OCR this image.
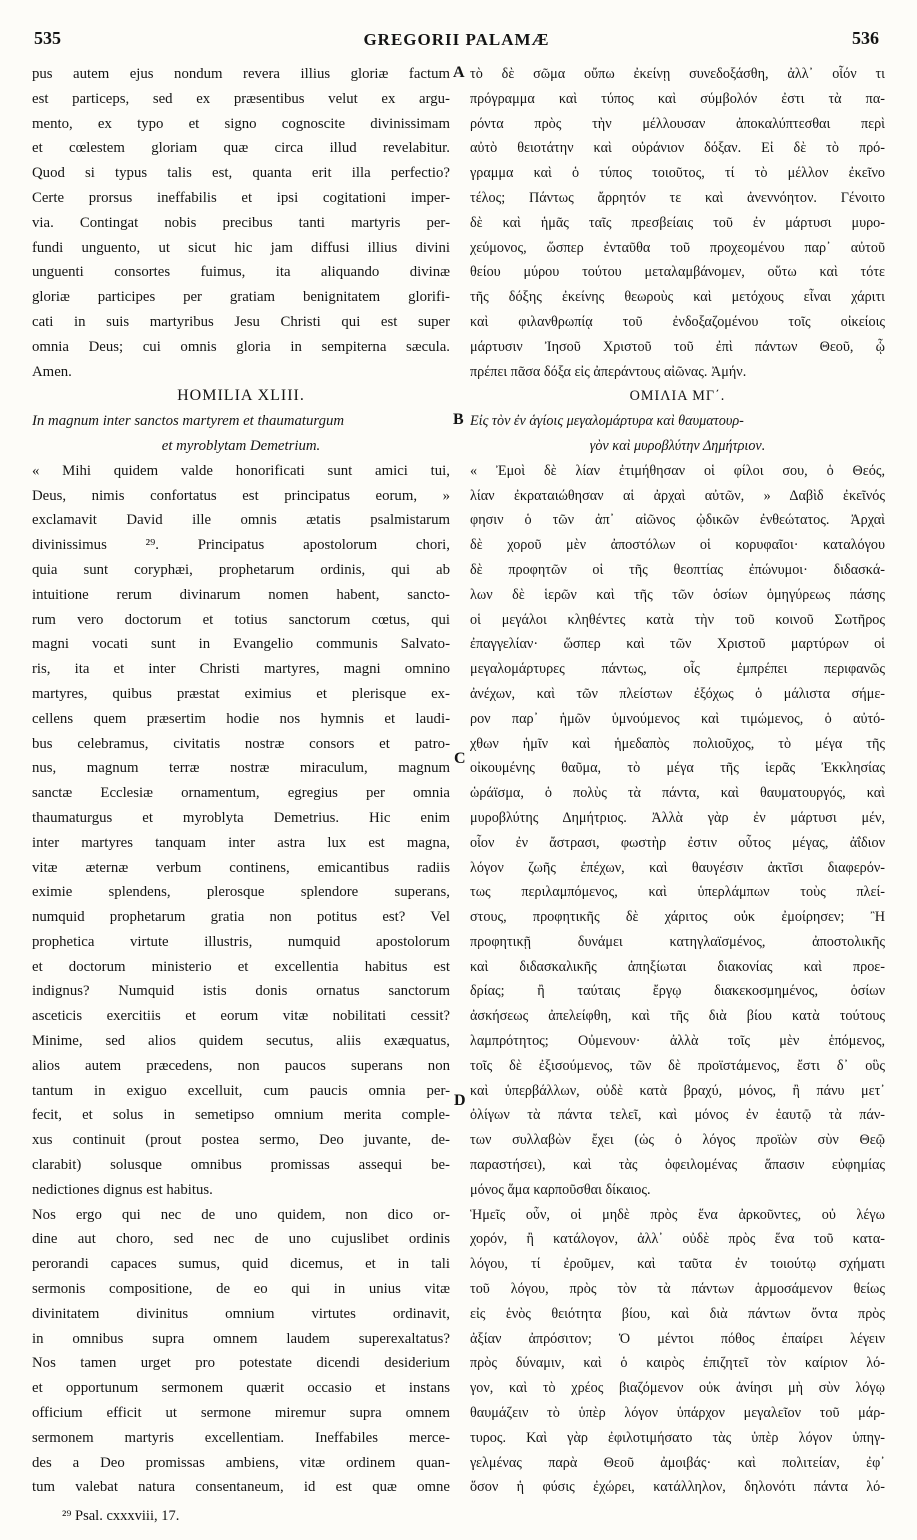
535	GREGORII PALAMÆ	536
pus autem ejus nondum revera illius gloriæ factum
est particeps, sed ex præsentibus velut ex argu-
mento, ex typo et signo cognoscite divinissimam
et cœlestem gloriam quæ circa illud revelabitur.
Quod si typus talis est, quanta erit illa perfectio?
Certe prorsus ineffabilis et ipsi cogitationi imper-
via. Contingat nobis precibus tanti martyris per-
fundi unguento, ut sicut hic jam diffusi illius divini
unguenti consortes fuimus, ita aliquando divinæ
gloriæ participes per gratiam benignitatem glorifi-
cati in suis martyribus Jesu Christi qui est super
omnia Deus; cui omnis gloria in sempiterna sæcula.
Amen.
HOMILIA XLIII.
In magnum inter sanctos martyrem et thaumaturgum
et myroblytam Demetrium.
« Mihi quidem valde honorificati sunt amici tui,
Deus, nimis confortatus est principatus eorum, »
exclamavit David ille omnis ætatis psalmistarum
divinissimus ²⁹. Principatus apostolorum chori,
quia sunt coryphæi, prophetarum ordinis, qui ab
intuitione rerum divinarum nomen habent, sancto-
rum vero doctorum et totius sanctorum cœtus, qui
magni vocati sunt in Evangelio communis Salvato-
ris, ita et inter Christi martyres, magni omnino
martyres, quibus præstat eximius et plerisque ex-
cellens quem præsertim hodie nos hymnis et laudi-
bus celebramus, civitatis nostræ consors et patro-
nus, magnum terræ nostræ miraculum, magnum
sanctæ Ecclesiæ ornamentum, egregius per omnia
thaumaturgus et myroblyta Demetrius. Hic enim
inter martyres tanquam inter astra lux est magna,
vitæ æternæ verbum continens, emicantibus radiis
eximie splendens, plerosque splendore superans,
numquid prophetarum gratia non potitus est? Vel
prophetica virtute illustris, numquid apostolorum
et doctorum ministerio et excellentia habitus est
indignus? Numquid istis donis ornatus sanctorum
asceticis exercitiis et eorum vitæ nobilitati cessit?
Minime, sed alios quidem secutus, aliis exæquatus,
alios autem præcedens, non paucos superans non
tantum in exiguo excelluit, cum paucis omnia per-
fecit, et solus in semetipso omnium merita comple-
xus continuit (prout postea sermo, Deo juvante, de-
clarabit) solusque omnibus promissas assequi be-
nedictiones dignus est habitus.
Nos ergo qui nec de uno quidem, non dico or-
dine aut choro, sed nec de uno cujuslibet ordinis
perorandi capaces sumus, quid dicemus, et in tali
sermonis compositione, de eo qui in unius vitæ
divinitatem divinitus omnium virtutes ordinavit,
in omnibus supra omnem laudem superexaltatus?
Nos tamen urget pro potestate dicendi desiderium
et opportunum sermonem quærit occasio et instans
officium efficit ut sermone miremur supra omnem
sermonem martyris excellentiam. Ineffabiles merce-
des a Deo promissas ambiens, vitæ ordinem quan-
tum valebat natura consentaneum, id est quæ omne
τὸ δὲ σῶμα οὔπω ἐκείνῃ συνεδοξάσθη, ἀλλ᾽ οἷόν τι
πρόγραμμα καὶ τύπος καὶ σύμβολόν ἐστι τὰ πα-
ρόντα πρὸς τὴν μέλλουσαν ἀποκαλύπτεσθαι περὶ
αὐτὸ θειοτάτην καὶ οὐράνιον δόξαν. Εἰ δὲ τὸ πρό-
γραμμα καὶ ὁ τύπος τοιοῦτος, τί τὸ μέλλον ἐκεῖνο
τέλος; Πάντως ἄρρητόν τε καὶ ἀνεννόητον. Γένοιτο
δὲ καὶ ἡμᾶς ταῖς πρεσβείαις τοῦ ἐν μάρτυσι μυρο-
χεύμονος, ὥσπερ ἐνταῦθα τοῦ προχεομένου παρ᾽ αὐτοῦ
θείου μύρου τούτου μεταλαμβάνομεν, οὕτω καὶ τότε
τῆς δόξης ἐκείνης θεωροὺς καὶ μετόχους εἶναι χάριτι
καὶ φιλανθρωπίᾳ τοῦ ἐνδοξαζομένου τοῖς οἰκείοις
μάρτυσιν Ἰησοῦ Χριστοῦ τοῦ ἐπὶ πάντων Θεοῦ, ᾧ
πρέπει πᾶσα δόξα εἰς ἀπεράντους αἰῶνας. Ἀμήν.
ΟΜΙΛΙΑ ΜΓ΄.
Εἰς τὸν ἐν ἁγίοις μεγαλομάρτυρα καὶ θαυματουρ-
γὸν καὶ μυροβλύτην Δημήτριον.
« Ἐμοὶ δὲ λίαν ἐτιμήθησαν οἱ φίλοι σου, ὁ Θεός,
λίαν ἐκραταιώθησαν αἱ ἀρχαὶ αὐτῶν, » Δαβὶδ ἐκεῖνός
φησιν ὁ τῶν ἀπ᾽ αἰῶνος ᾠδικῶν ἐνθεώτατος. Ἀρχαὶ
δὲ χοροῦ μὲν ἀποστόλων οἱ κορυφαῖοι· καταλόγου
δὲ προφητῶν οἱ τῆς θεοπτίας ἐπώνυμοι· διδασκά-
λων δὲ ἱερῶν καὶ τῆς τῶν ὁσίων ὁμηγύρεως πάσης
οἱ μεγάλοι κληθέντες κατὰ τὴν τοῦ κοινοῦ Σωτῆρος
ἐπαγγελίαν· ὥσπερ καὶ τῶν Χριστοῦ μαρτύρων οἱ
μεγαλομάρτυρες πάντως, οἷς ἐμπρέπει περιφανῶς
ἀνέχων, καὶ τῶν πλείστων ἐξόχως ὁ μάλιστα σήμε-
ρον παρ᾽ ἡμῶν ὑμνούμενος καὶ τιμώμενος, ὁ αὐτό-
χθων ἡμῖν καὶ ἡμεδαπὸς πολιοῦχος, τὸ μέγα τῆς
οἰκουμένης θαῦμα, τὸ μέγα τῆς ἱερᾶς Ἐκκλησίας
ὡράϊσμα, ὁ πολὺς τὰ πάντα, καὶ θαυματουργός, καὶ
μυροβλύτης Δημήτριος. Ἀλλὰ γὰρ ἐν μάρτυσι μέν,
οἷον ἐν ἄστρασι, φωστὴρ ἐστιν οὗτος μέγας, ἀΐδιον
λόγον ζωῆς ἐπέχων, καὶ θαυγέσιν ἀκτῖσι διαφερόν-
τως περιλαμπόμενος, καὶ ὑπερλάμπων τοὺς πλεί-
στους, προφητικῆς δὲ χάριτος οὐκ ἐμοίρησεν; Ἢ
προφητικῇ δυνάμει κατηγλαϊσμένος, ἀποστολικῆς
καὶ διδασκαλικῆς ἀπηξίωται διακονίας καὶ προε-
δρίας; ἢ ταύταις ἔργῳ διακεκοσμημένος, ὁσίων
ἀσκήσεως ἀπελείφθη, καὶ τῆς διὰ βίου κατὰ τούτους
λαμπρότητος; Οὐμενουν· ἀλλὰ τοῖς μὲν ἑπόμενος,
τοῖς δὲ ἐξισούμενος, τῶν δὲ προϊστάμενος, ἔστι δ᾽ οὓς
καὶ ὑπερβάλλων, οὐδὲ κατὰ βραχύ, μόνος, ἢ πάνυ μετ᾽
ὀλίγων τὰ πάντα τελεῖ, καὶ μόνος ἐν ἑαυτῷ τὰ πάν-
των συλλαβὼν ἔχει (ὡς ὁ λόγος προϊὼν σὺν Θεῷ
παραστήσει), καὶ τὰς ὀφειλομένας ἅπασιν εὐφημίας
μόνος ἅμα καρποῦσθαι δίκαιος.
Ἡμεῖς οὖν, οἱ μηδὲ πρὸς ἕνα ἀρκοῦντες, οὐ λέγω
χορόν, ἢ κατάλογον, ἀλλ᾽ οὐδὲ πρὸς ἕνα τοῦ κατα-
λόγου, τί ἐροῦμεν, καὶ ταῦτα ἐν τοιούτῳ σχήματι
τοῦ λόγου, πρὸς τὸν τὰ πάντων ἁρμοσάμενον θείως
εἰς ἑνὸς θειότητα βίου, καὶ διὰ πάντων ὄντα πρὸς
ἀξίαν ἀπρόσιτον; Ὁ μέντοι πόθος ἐπαίρει λέγειν
πρὸς δύναμιν, καὶ ὁ καιρὸς ἐπιζητεῖ τὸν καίριον λό-
γον, καὶ τὸ χρέος βιαζόμενον οὐκ ἀνίησι μὴ σὺν λόγῳ
θαυμάζειν τὸ ὑπὲρ λόγον ὑπάρχον μεγαλεῖον τοῦ μάρ-
τυρος. Καὶ γὰρ ἐφιλοτιμήσατο τὰς ὑπὲρ λόγον ὑπηγ-
γελμένας παρὰ Θεοῦ ἀμοιβάς· καὶ πολιτείαν, ἐφ᾽
ὅσον ἡ φύσις ἐχώρει, κατάλληλον, δηλονότι πάντα λό-
A
B
C
D
²⁹ Psal. cxxxviii, 17.
